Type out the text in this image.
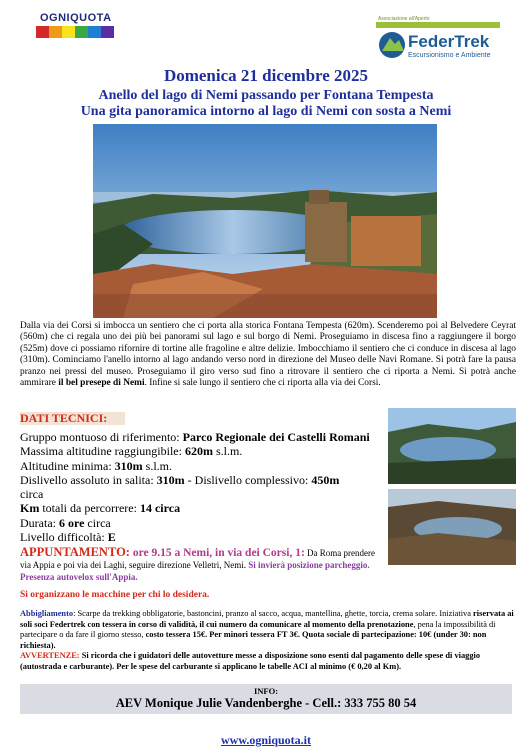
OGNIQUOTA	Associazione all'Aperto
FederTrek
Escursionismo e Ambiente
Domenica 21 dicembre 2025
Anello del lago di Nemi passando per Fontana Tempesta
Una gita panoramica intorno al lago di Nemi con sosta a Nemi
Dalla via dei Corsi si imbocca un sentiero che ci porta alla storica Fontana Tempesta (620m). Scenderemo poi al Belvedere Ceyrat (560m) che ci regala uno dei più bei panorami sul lago e sul borgo di Nemi. Proseguiamo in discesa fino a raggiungere il borgo (525m) dove ci possiamo rifornire di tortine alle fragoline e altre delizie. Imbocchiamo il sentiero che ci conduce in discesa al lago (310m). Cominciamo l'anello intorno al lago andando verso nord in direzione del Museo delle Navi Romane. Si potrà fare la pausa pranzo nei pressi del museo. Proseguiamo il giro verso sud fino a ritrovare il sentiero che ci riporta a Nemi. Si potrà anche ammirare il bel presepe di Nemi. Infine si sale lungo il sentiero che ci riporta alla via dei Corsi.
DATI TECNICI:
Gruppo montuoso di riferimento: Parco Regionale dei Castelli Romani
Massima altitudine raggiungibile: 620m s.l.m.
Altitudine minima: 310m s.l.m.
Dislivello assoluto in salita: 310m - Dislivello complessivo: 450m
circa
Km totali da percorrere: 14 circa
Durata: 6 ore circa
Livello difficoltà: E
APPUNTAMENTO: ore 9.15 a Nemi, in via dei Corsi, 1: Da Roma prendere via Appia e poi via dei Laghi, seguire direzione Velletri, Nemi. Si invierà posizione parcheggio. Presenza autovelox sull'Appia.
Si organizzano le macchine per chi lo desidera.
Abbigliamento: Scarpe da trekking obbligatorie, bastoncini, pranzo al sacco, acqua, mantellina, ghette, torcia, crema solare. Iniziativa riservata ai soli soci Federtrek con tessera in corso di validità, il cui numero da comunicare al momento della prenotazione, pena la impossibilità di partecipare o da fare il giorno stesso, costo tessera 15€. Per minori tessera FT 3€. Quota sociale di partecipazione: 10€ (under 30: non richiesta).
AVVERTENZE: Si ricorda che i guidatori delle autovetture messe a disposizione sono esenti dal pagamento delle spese di viaggio (autostrada e carburante). Per le spese del carburante si applicano le tabelle ACI al minimo (€ 0,20 al Km).
INFO:
AEV Monique Julie Vandenberghe - Cell.: 333 755 80 54
www.ogniquota.it
